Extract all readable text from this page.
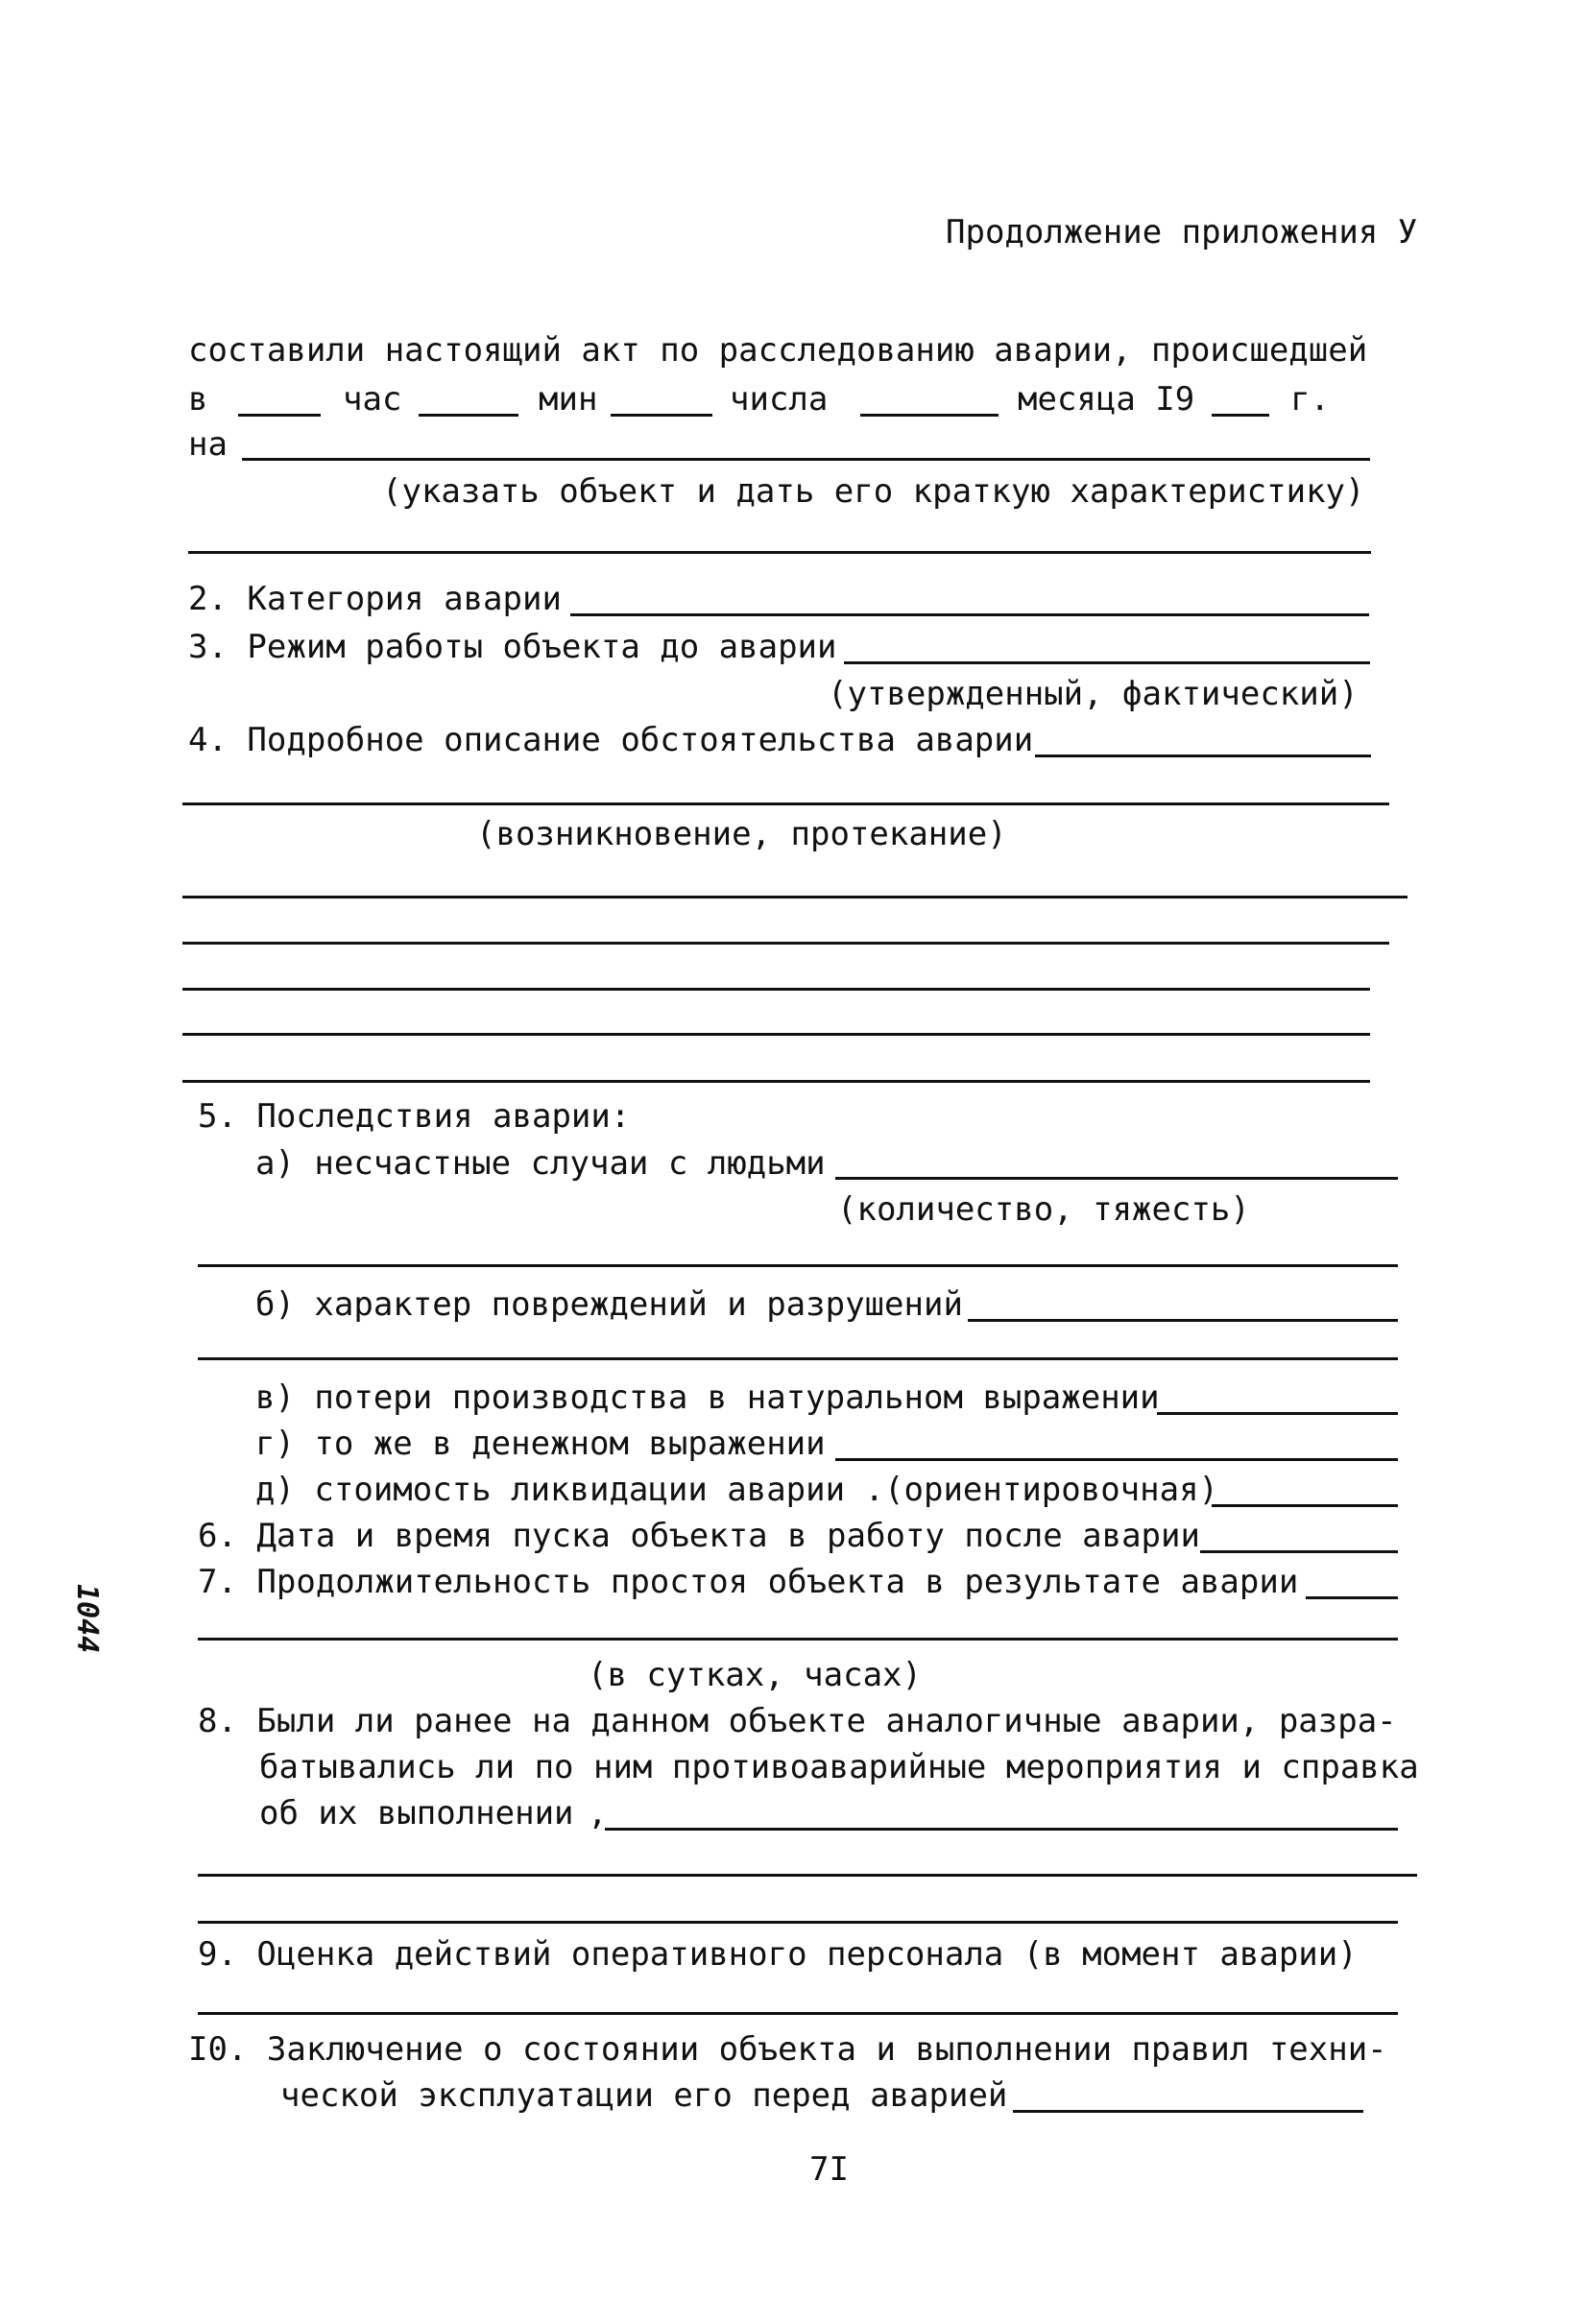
Продолжение приложения У
составили настоящий акт по расследованию аварии, происшедшей
в	час	мин	числа	месяца I9	г.
на
(указать объект и дать его краткую характеристику)
2. Категория аварии
3. Режим работы объекта до аварии
(утвержденный, фактический)
4. Подробное описание обстоятельства аварии
(возникновение, протекание)
5. Последствия аварии:
а) несчастные случаи с людьми
(количество, тяжесть)
б) характер повреждений и разрушений
в) потери производства в натуральном выражении
г) то же в денежном выражении
д) стоимость ликвидации аварии .(ориентировочная)
6. Дата и время пуска объекта в работу после аварии
7. Продолжительность простоя объекта в результате аварии
(в сутках, часах)
8. Были ли ранее на данном объекте аналогичные аварии, разра-
батывались ли по ним противоаварийные мероприятия и справка
об их выполнении ,
9. Оценка действий оперативного персонала (в момент аварии)
I0. Заключение о состоянии объекта и выполнении правил техни-
ческой эксплуатации его перед аварией
7I
1044
